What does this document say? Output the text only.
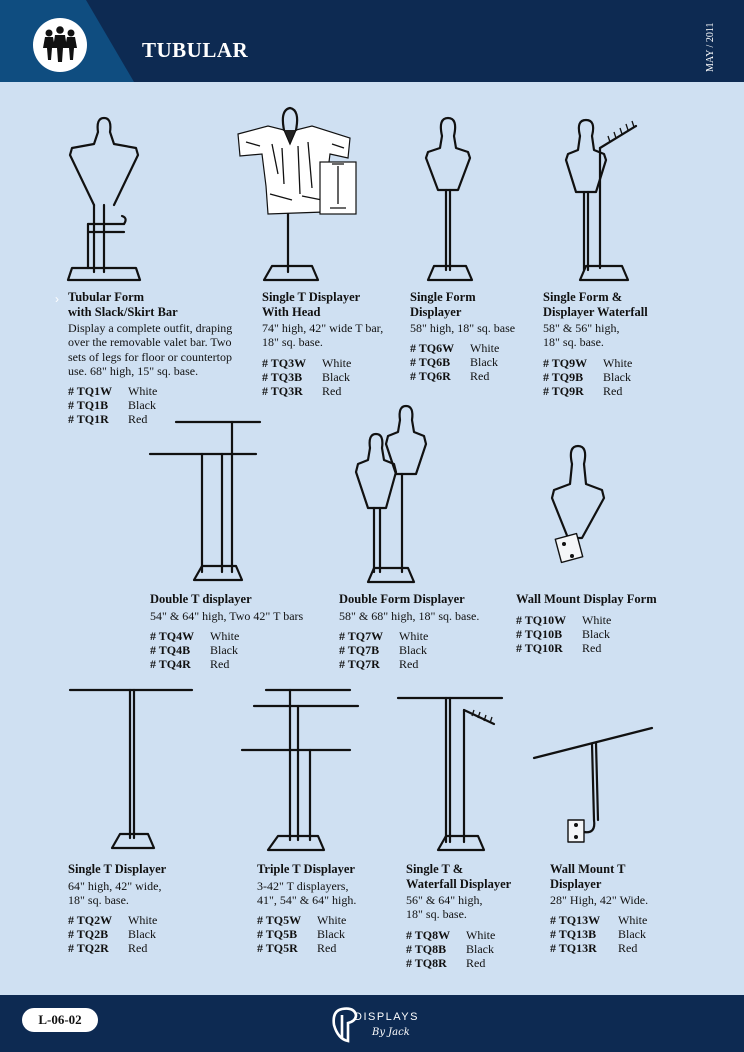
TUBULAR	MAY / 2011
› Tubular Form
with Slack/Skirt Bar
Display a complete outfit, draping over the removable valet bar. Two sets of legs for floor or countertop use. 68" high, 15" sq. base.
# TQ1W	White
# TQ1B	Black
# TQ1R	Red
Single T Displayer
With Head
74" high, 42" wide T bar, 18" sq. base.
# TQ3W	White
# TQ3B	Black
# TQ3R	Red
Single Form
Displayer
58" high, 18" sq. base
# TQ6W	White
# TQ6B	Black
# TQ6R	Red
Single Form &
Displayer Waterfall
58" & 56" high,
18" sq. base.
# TQ9W	White
# TQ9B	Black
# TQ9R	Red
Double T displayer
54" & 64" high, Two 42" T bars
# TQ4W	White
# TQ4B	Black
# TQ4R	Red
Double Form Displayer
58" & 68" high, 18" sq. base.
# TQ7W	White
# TQ7B	Black
# TQ7R	Red
Wall Mount Display Form
# TQ10W	White
# TQ10B	Black
# TQ10R	Red
Single T Displayer
64" high, 42" wide,
18" sq. base.
# TQ2W	White
# TQ2B	Black
# TQ2R	Red
Triple T Displayer
3-42" T displayers,
41", 54" & 64" high.
# TQ5W	White
# TQ5B	Black
# TQ5R	Red
Single T &
Waterfall Displayer
56" & 64" high,
18" sq. base.
# TQ8W	White
# TQ8B	Black
# TQ8R	Red
Wall Mount T
Displayer
28" High, 42" Wide.
# TQ13W	White
# TQ13B	Black
# TQ13R	Red
L-06-02	DISPLAYS
By Jack
